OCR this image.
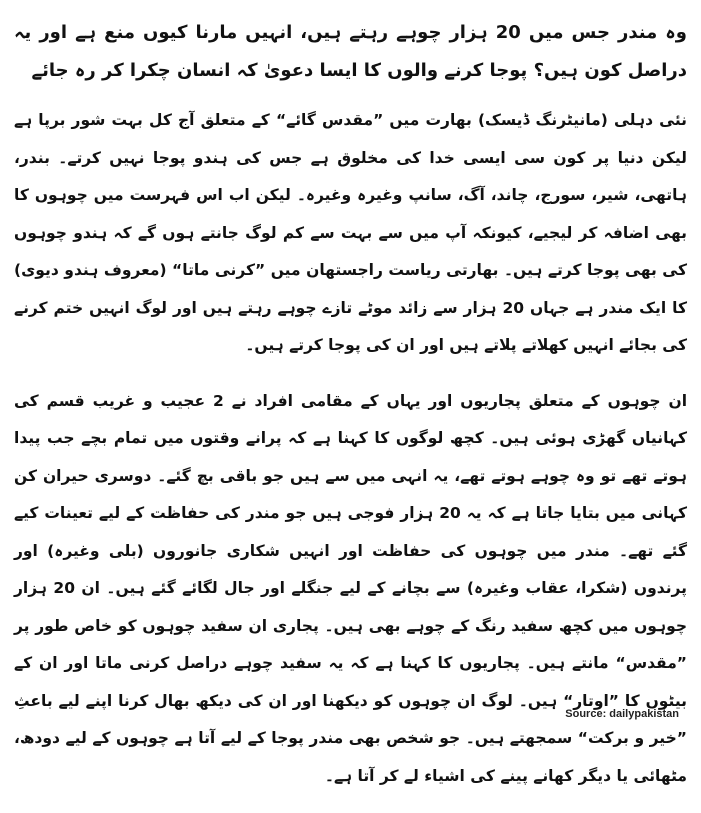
وہ مندر جس میں 20 ہزار چوہے رہتے ہیں، انہیں مارنا کیوں منع ہے اور یہ دراصل کون ہیں؟ پوجا کرنے والوں کا ایسا دعویٰ کہ انسان چکرا کر رہ جائے

نئی دہلی (مانیٹرنگ ڈیسک) بھارت میں ”مقدس گائے“ کے متعلق آج کل بہت شور برپا ہے لیکن دنیا پر کون سی ایسی خدا کی مخلوق ہے جس کی ہندو پوجا نہیں کرتے۔ بندر، ہاتھی، شیر، سورج، چاند، آگ، سانپ وغیرہ وغیرہ۔ لیکن اب اس فہرست میں چوہوں کا بھی اضافہ کر لیجیے، کیونکہ آپ میں سے بہت سے کم لوگ جانتے ہوں گے کہ ہندو چوہوں کی بھی پوجا کرتے ہیں۔ بھارتی ریاست راجستھان میں ”کرنی ماتا“ (معروف ہندو دیوی) کا ایک مندر ہے جہاں 20 ہزار سے زائد موٹے تازے چوہے رہتے ہیں اور لوگ انہیں ختم کرنے کی بجائے انہیں کھلاتے پلاتے ہیں اور ان کی پوجا کرتے ہیں۔

ان چوہوں کے متعلق پجاریوں اور یہاں کے مقامی افراد نے 2 عجیب و غریب قسم کی کہانیاں گھڑی ہوئی ہیں۔ کچھ لوگوں کا کہنا ہے کہ پرانے وقتوں میں تمام بچے جب پیدا ہوتے تھے تو وہ چوہے ہوتے تھے، یہ انہی میں سے ہیں جو باقی بچ گئے۔ دوسری حیران کن کہانی میں بتایا جاتا ہے کہ یہ 20 ہزار فوجی ہیں جو مندر کی حفاظت کے لیے تعینات کیے گئے تھے۔ مندر میں چوہوں کی حفاظت اور انہیں شکاری جانوروں (بلی وغیرہ) اور پرندوں (شکرا، عقاب وغیرہ) سے بچانے کے لیے جنگلے اور جال لگائے گئے ہیں۔ ان 20 ہزار چوہوں میں کچھ سفید رنگ کے چوہے بھی ہیں۔ پجاری ان سفید چوہوں کو خاص طور پر ”مقدس“ مانتے ہیں۔ پجاریوں کا کہنا ہے کہ یہ سفید چوہے دراصل کرنی ماتا اور ان کے بیٹوں کا ”اوتار“ ہیں۔ لوگ ان چوہوں کو دیکھنا اور ان کی دیکھ بھال کرنا اپنے لیے باعثِ ”خیر و برکت“ سمجھتے ہیں۔ جو شخص بھی مندر پوجا کے لیے آتا ہے چوہوں کے لیے دودھ، مٹھائی یا دیگر کھانے پینے کی اشیاء لے کر آتا ہے۔

Source: dailypakistan
